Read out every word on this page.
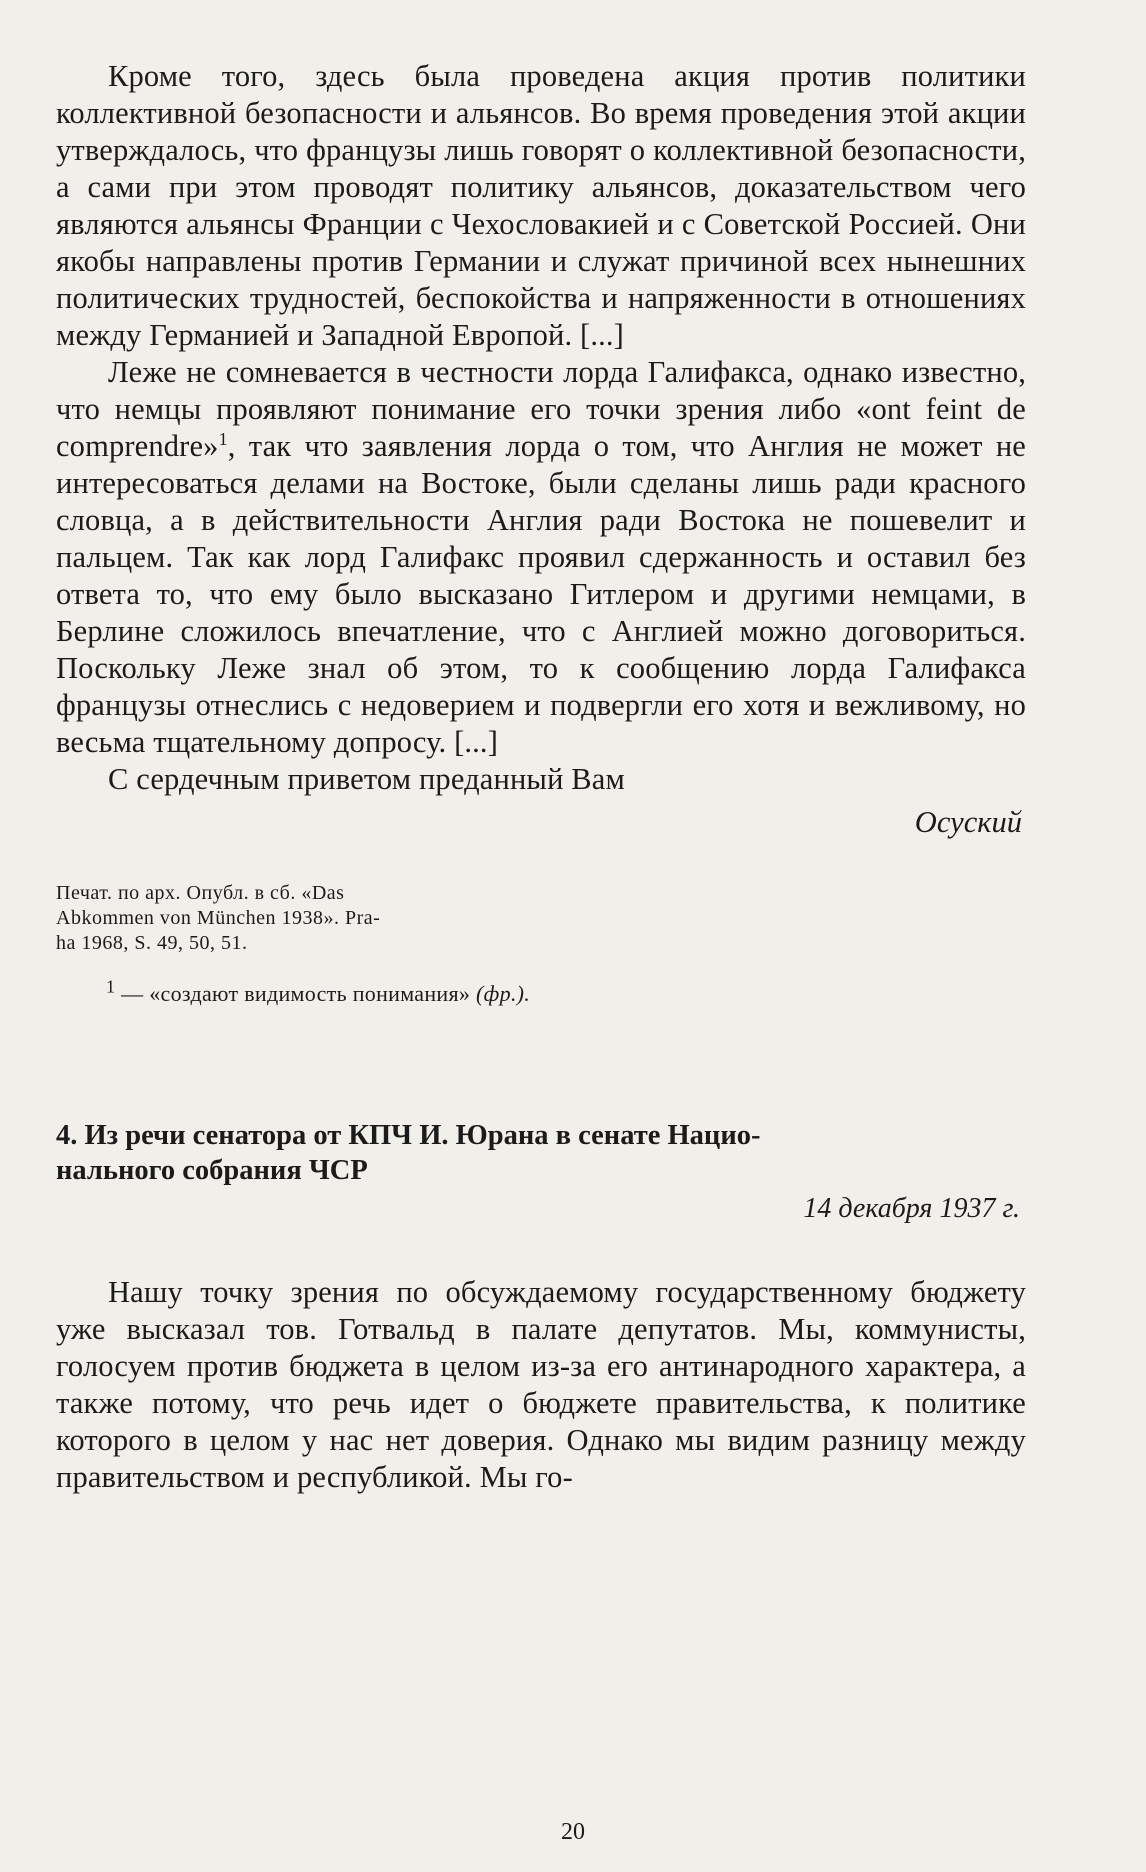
Кроме того, здесь была проведена акция против политики коллективной безопасности и альянсов. Во время проведения этой акции утверждалось, что французы лишь говорят о коллективной безопасности, а сами при этом проводят политику альянсов, доказательством чего являются альянсы Франции с Чехословакией и с Советской Россией. Они якобы направлены против Германии и служат причиной всех нынешних политических трудностей, беспокойства и напряженности в отношениях между Германией и Западной Европой. [...]

Леже не сомневается в честности лорда Галифакса, однако известно, что немцы проявляют понимание его точки зрения либо «ont feint de comprendre»$^1$, так что заявления лорда о том, что Англия не может не интересоваться делами на Востоке, были сделаны лишь ради красного словца, а в действительности Англия ради Востока не пошевелит и пальцем. Так как лорд Галифакс проявил сдержанность и оставил без ответа то, что ему было высказано Гитлером и другими немцами, в Берлине сложилось впечатление, что с Англией можно договориться. Поскольку Леже знал об этом, то к сообщению лорда Галифакса французы отнеслись с недоверием и подвергли его хотя и вежливому, но весьма тщательному допросу. [...]

С сердечным приветом преданный Вам

Осуский
Печат. по арх. Опубл. в сб. «Das
Abkommen von München 1938». Pra-
ha 1968, S. 49, 50, 51.
$^1$ — «создают видимость понимания» (фр.).
4. Из речи сенатора от КПЧ И. Юрана в сенате Нацио-
нального собрания ЧСР
14 декабря 1937 г.

Нашу точку зрения по обсуждаемому государственному бюджету уже высказал тов. Готвальд в палате депутатов. Мы, коммунисты, голосуем против бюджета в целом из-за его антинародного характера, а также потому, что речь идет о бюджете правительства, к политике которого в целом у нас нет доверия. Однако мы видим разницу между правительством и республикой. Мы го-

20
